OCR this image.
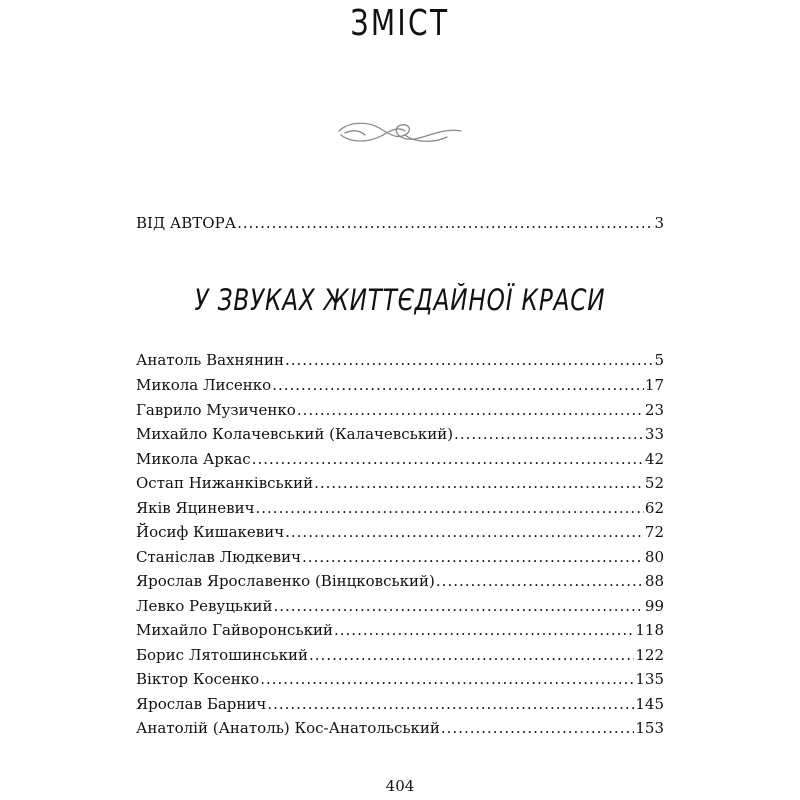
ЗМІСТ
ВІД АВТОРА .....	3
У ЗВУКАХ ЖИТТЄДАЙНОЇ КРАСИ
Анатоль Вахнянин .....	5
Микола Лисенко .....	17
Гаврило Музиченко .....	23
Михайло Колачевський (Калачевський) .....	33
Микола Аркас .....	42
Остап Нижанківський .....	52
Яків Яциневич .....	62
Йосиф Кишакевич .....	72
Станіслав Людкевич .....	80
Ярослав Ярославенко (Вінцковський) .....	88
Левко Ревуцький .....	99
Михайло Гайворонський .....	118
Борис Лятошинський .....	122
Віктор Косенко .....	135
Ярослав Барнич .....	145
Анатолій (Анатоль) Кос-Анатольський .....	153
404
